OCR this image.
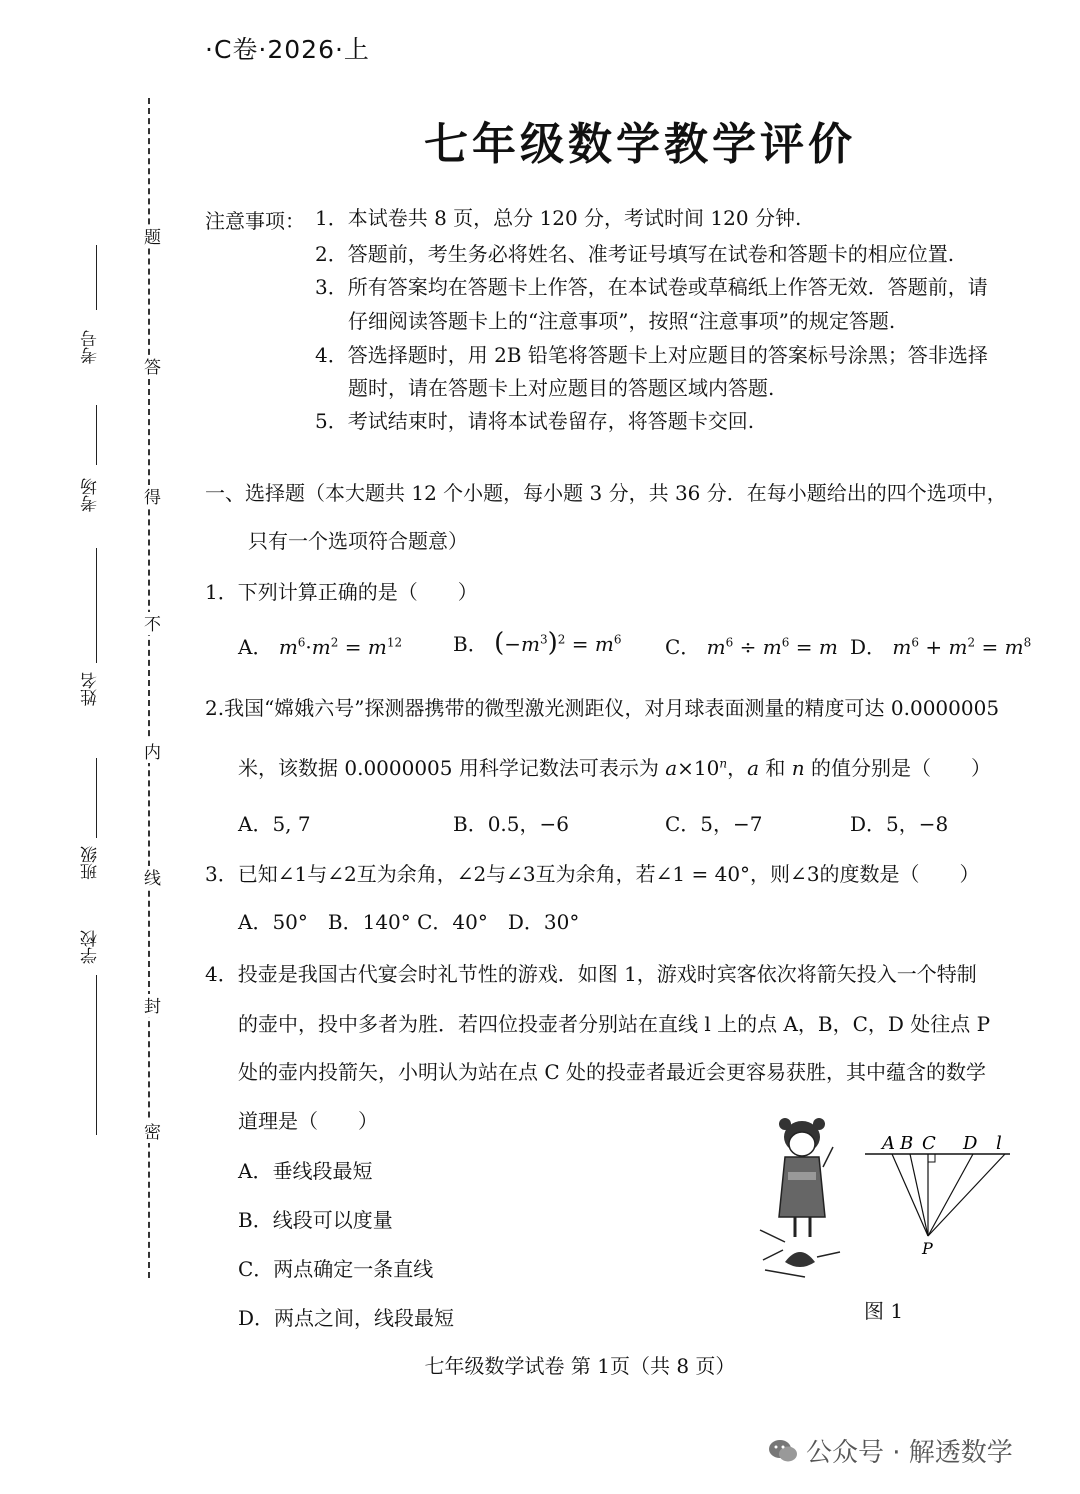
·C卷·2026·上
七年级数学教学评价
题
答
得
不
内
线
封
密
考号
考场
姓名
班级
学校
注意事项： 1．本试卷共 8 页，总分 120 分，考试时间 120 分钟.
2．答题前，考生务必将姓名、准考证号填写在试卷和答题卡的相应位置.
3．所有答案均在答题卡上作答，在本试卷或草稿纸上作答无效．答题前，请
仔细阅读答题卡上的“注意事项”，按照“注意事项”的规定答题.
4．答选择题时，用 2B 铅笔将答题卡上对应题目的答案标号涂黑；答非选择
题时，请在答题卡上对应题目的答题区域内答题.
5．考试结束时，请将本试卷留存，将答题卡交回.
一、选择题（本大题共 12 个小题，每小题 3 分，共 36 分．在每小题给出的四个选项中，
只有一个选项符合题意）
1．下列计算正确的是（　　）
A． $m^6\cdot m^2 = m^{12}$	B． $(-m^3)^2 = m^6$ C． $m^6 \div m^6 = m$ D． $m^6 + m^2 = m^8$
2.我国“嫦娥六号”探测器携带的微型激光测距仪，对月球表面测量的精度可达 0.0000005
米，该数据 0.0000005 用科学记数法可表示为 $a\times 10^n$，a 和 n 的值分别是（　　）
A．5, 7	B．0.5，−6	C．5，−7	D．5，−8
3．已知∠1与∠2互为余角，∠2与∠3互为余角，若∠1 = 40°，则∠3的度数是（　　）
A．50°　B．140° C．40°　D．30°
4．投壶是我国古代宴会时礼节性的游戏．如图 1，游戏时宾客依次将箭矢投入一个特制
的壶中，投中多者为胜．若四位投壶者分别站在直线 l 上的点 A，B，C，D 处往点 P
处的壶内投箭矢，小明认为站在点 C 处的投壶者最近会更容易获胜，其中蕴含的数学
道理是（　　）
A．垂线段最短
B．线段可以度量
C．两点确定一条直线
D．两点之间，线段最短
A B C D l
P
图 1
七年级数学试卷 第 1页（共 8 页）
公众号 · 解透数学
